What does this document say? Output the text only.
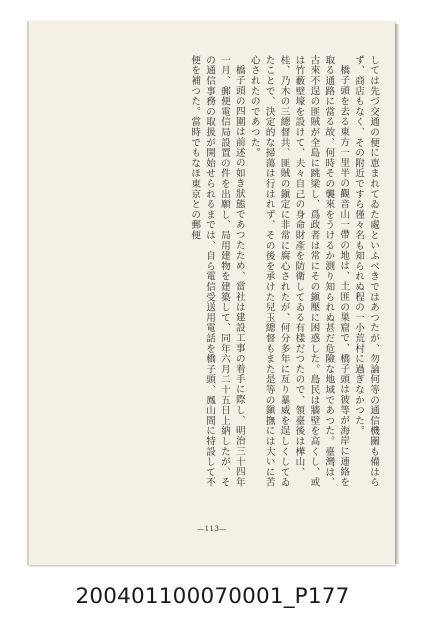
しては先づ交通の便に恵まれてゐた處といふべきではあつたが、勿論何等の通信機關も備はらず、商店もなく、その附近ですら僅々名も知られぬ程の一小荒村に過ぎなかつた。

橋子頭を去る東方一里半の觀音山一帶の地は、土匪の巣窟で、橋子頭は彼等が海岸に連絡を取る通路に當る故、何時その襲來をうけるか測り知られぬ甚だ危險な地域であつた。臺灣は、古來不逞の匪賊が全島に跳梁し、爲政者は常にその鎭壓に困惑した。島民は牆壁を高くし、或は竹藪壁壕を設けて、夫々自己の身命財產を防衛してゐる有樣だつたので、領臺後は樺山、桂、乃木の三總督共、匪賊の鎭定に非常に腐心されたが、何分多年に亙り暴威を逞しくしてゐたことで、決定的な掃蕩は行はれず、その後を承けた兒玉總督もまた是等の鎭撫には大いに苦心されたのであつた。

橋子頭の四圍は前述の如き狀態であつたため、當社は建設工事の着手に際し、明治三十四年一月、郵便電信局設置の件を出願し、局用建物を建築して、同年六月二十五日上納したが、その通信事務の取扱が開始せられるまでは、自ら電信受送用電話を橋子頭、鳳山間に特設して不便を補つた。當時でもなほ東京との郵便

—113—
200401100070001_P177
